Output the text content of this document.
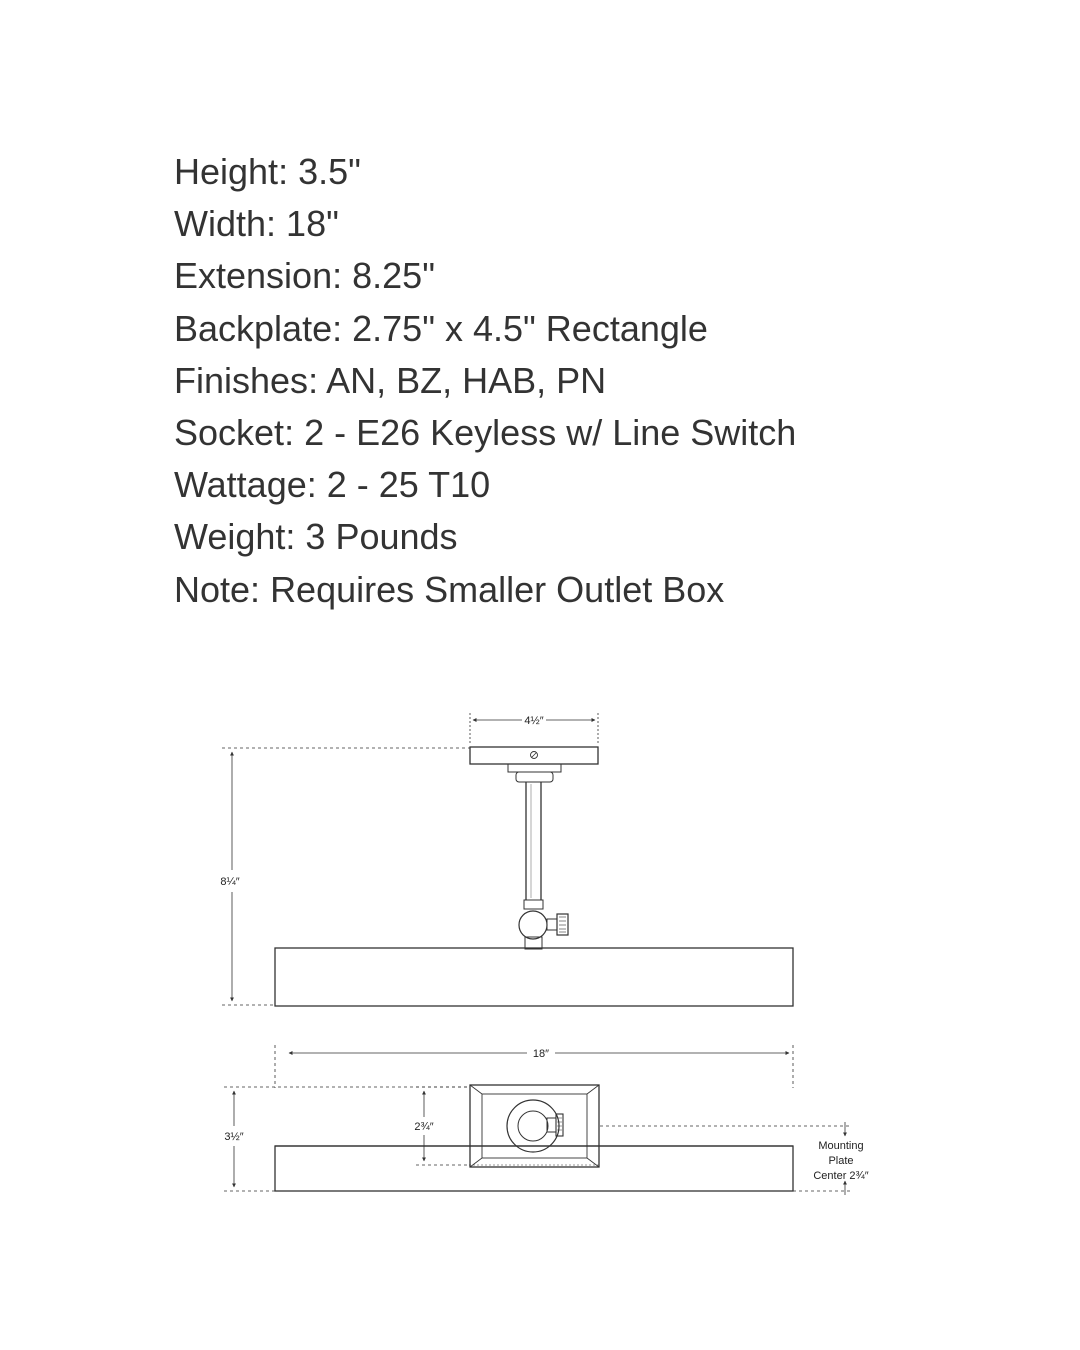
Height: 3.5"
Width: 18"
Extension: 8.25"
Backplate: 2.75" x 4.5" Rectangle
Finishes: AN, BZ, HAB, PN
Socket: 2 - E26 Keyless w/ Line Switch
Wattage: 2 - 25 T10
Weight: 3 Pounds
Note: Requires Smaller Outlet Box
4½″
8¼″
18″
3½″
2¾″
Mounting
Plate
Center 2¾″
